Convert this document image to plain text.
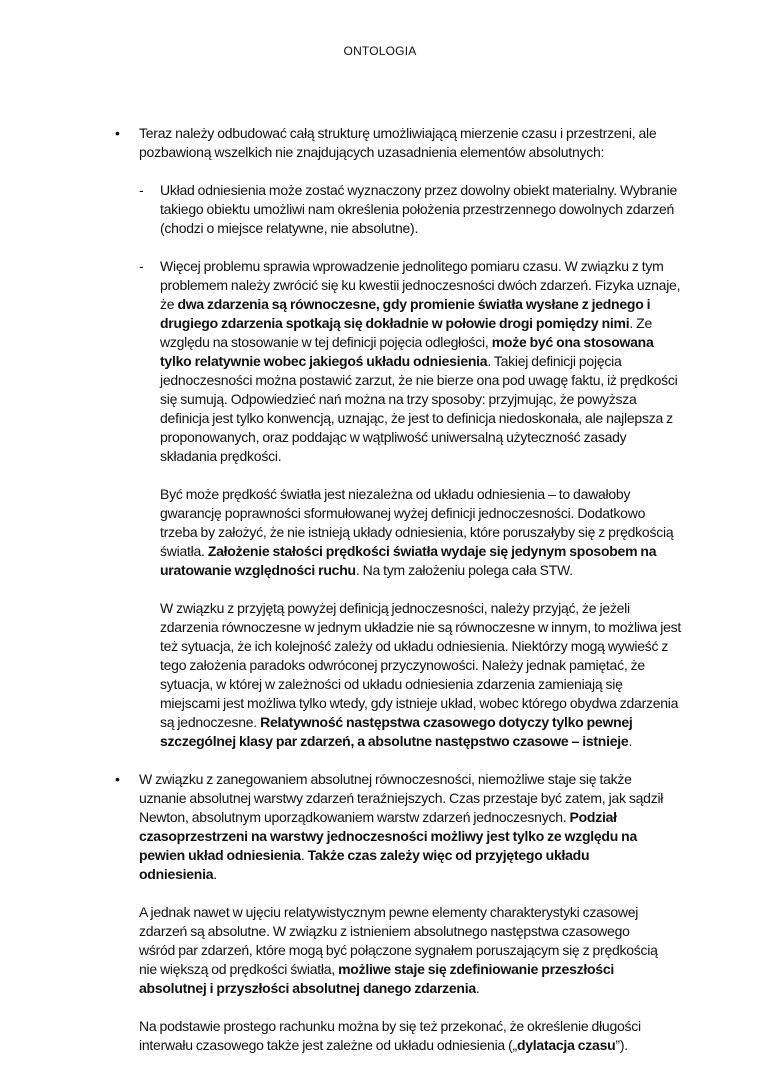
ONTOLOGIA
• Teraz należy odbudować całą strukturę umożliwiającą mierzenie czasu i przestrzeni, ale pozbawioną wszelkich nie znajdujących uzasadnienia elementów absolutnych:

- Układ odniesienia może zostać wyznaczony przez dowolny obiekt materialny. Wybranie takiego obiektu umożliwi nam określenia położenia przestrzennego dowolnych zdarzeń (chodzi o miejsce relatywne, nie absolutne).

- Więcej problemu sprawia wprowadzenie jednolitego pomiaru czasu. W związku z tym problemem należy zwrócić się ku kwestii jednoczesności dwóch zdarzeń. Fizyka uznaje, że dwa zdarzenia są równoczesne, gdy promienie światła wysłane z jednego i drugiego zdarzenia spotkają się dokładnie w połowie drogi pomiędzy nimi. Ze względu na stosowanie w tej definicji pojęcia odległości, może być ona stosowana tylko relatywnie wobec jakiegoś układu odniesienia. Takiej definicji pojęcia jednoczesności można postawić zarzut, że nie bierze ona pod uwagę faktu, iż prędkości się sumują. Odpowiedzieć nań można na trzy sposoby: przyjmując, że powyższa definicja jest tylko konwencją, uznając, że jest to definicja niedoskonała, ale najlepsza z proponowanych, oraz poddając w wątpliwość uniwersalną użyteczność zasady składania prędkości.

Być może prędkość światła jest niezależna od układu odniesienia – to dawałoby gwarancję poprawności sformułowanej wyżej definicji jednoczesności. Dodatkowo trzeba by założyć, że nie istnieją układy odniesienia, które poruszałyby się z prędkością światła. Założenie stałości prędkości światła wydaje się jedynym sposobem na uratowanie względności ruchu. Na tym założeniu polega cała STW.

W związku z przyjętą powyżej definicją jednoczesności, należy przyjąć, że jeżeli zdarzenia równoczesne w jednym układzie nie są równoczesne w innym, to możliwa jest też sytuacja, że ich kolejność zależy od układu odniesienia. Niektórzy mogą wywieść z tego założenia paradoks odwróconej przyczynowości. Należy jednak pamiętać, że sytuacja, w której w zależności od układu odniesienia zdarzenia zamieniają się miejscami jest możliwa tylko wtedy, gdy istnieje układ, wobec którego obydwa zdarzenia są jednoczesne. Relatywność następstwa czasowego dotyczy tylko pewnej szczególnej klasy par zdarzeń, a absolutne następstwo czasowe – istnieje.

• W związku z zanegowaniem absolutnej równoczesności, niemożliwe staje się także uznanie absolutnej warstwy zdarzeń teraźniejszych. Czas przestaje być zatem, jak sądził Newton, absolutnym uporządkowaniem warstw zdarzeń jednoczesnych. Podział czasoprzestrzeni na warstwy jednoczesności możliwy jest tylko ze względu na pewien układ odniesienia. Także czas zależy więc od przyjętego układu odniesienia.

A jednak nawet w ujęciu relatywistycznym pewne elementy charakterystyki czasowej zdarzeń są absolutne. W związku z istnieniem absolutnego następstwa czasowego wśród par zdarzeń, które mogą być połączone sygnałem poruszającym się z prędkością nie większą od prędkości światła, możliwe staje się zdefiniowanie przeszłości absolutnej i przyszłości absolutnej danego zdarzenia.

Na podstawie prostego rachunku można by się też przekonać, że określenie długości interwału czasowego także jest zależne od układu odniesienia („dylatacja czasu”).
